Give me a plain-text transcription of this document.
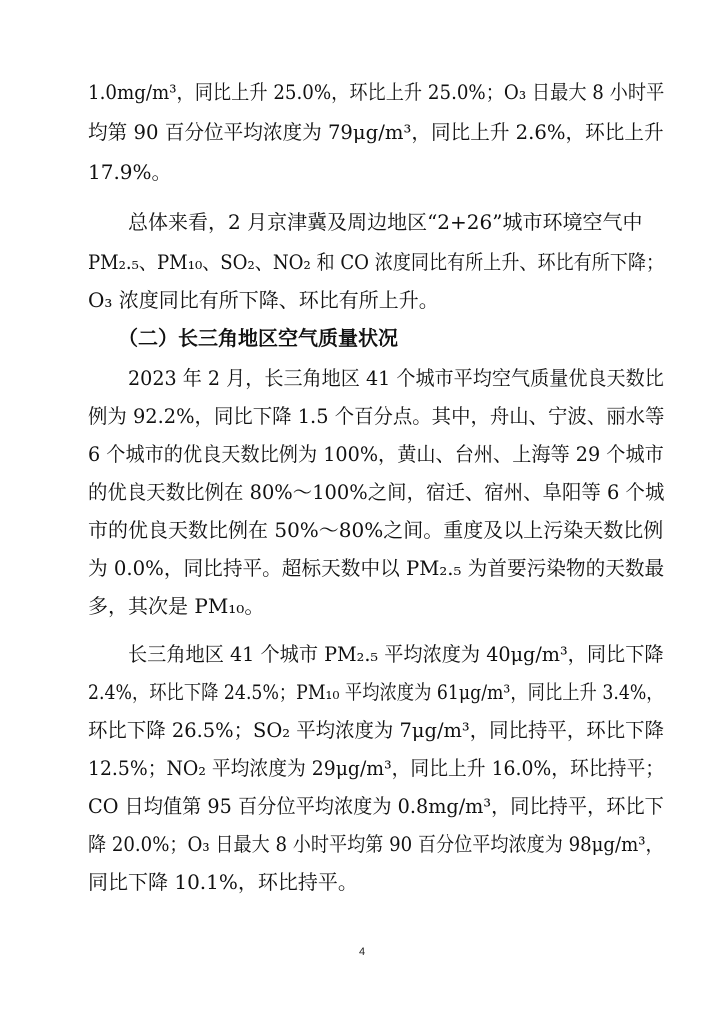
1.0mg/m³，同比上升 25.0%，环比上升 25.0%；O₃ 日最大 8 小时平
均第 90 百分位平均浓度为 79μg/m³，同比上升 2.6%，环比上升
17.9%。
总体来看，2 月京津冀及周边地区“2+26”城市环境空气中
PM₂.₅、PM₁₀、SO₂、NO₂ 和 CO 浓度同比有所上升、环比有所下降；
O₃ 浓度同比有所下降、环比有所上升。
（二）长三角地区空气质量状况
2023 年 2 月，长三角地区 41 个城市平均空气质量优良天数比
例为 92.2%，同比下降 1.5 个百分点。其中，舟山、宁波、丽水等
6 个城市的优良天数比例为 100%，黄山、台州、上海等 29 个城市
的优良天数比例在 80%～100%之间，宿迁、宿州、阜阳等 6 个城
市的优良天数比例在 50%～80%之间。重度及以上污染天数比例
为 0.0%，同比持平。超标天数中以 PM₂.₅ 为首要污染物的天数最
多，其次是 PM₁₀。
长三角地区 41 个城市 PM₂.₅ 平均浓度为 40μg/m³，同比下降
2.4%，环比下降 24.5%；PM₁₀ 平均浓度为 61μg/m³，同比上升 3.4%，
环比下降 26.5%；SO₂ 平均浓度为 7μg/m³，同比持平，环比下降
12.5%；NO₂ 平均浓度为 29μg/m³，同比上升 16.0%，环比持平；
CO 日均值第 95 百分位平均浓度为 0.8mg/m³，同比持平，环比下
降 20.0%；O₃ 日最大 8 小时平均第 90 百分位平均浓度为 98μg/m³，
同比下降 10.1%，环比持平。
4
